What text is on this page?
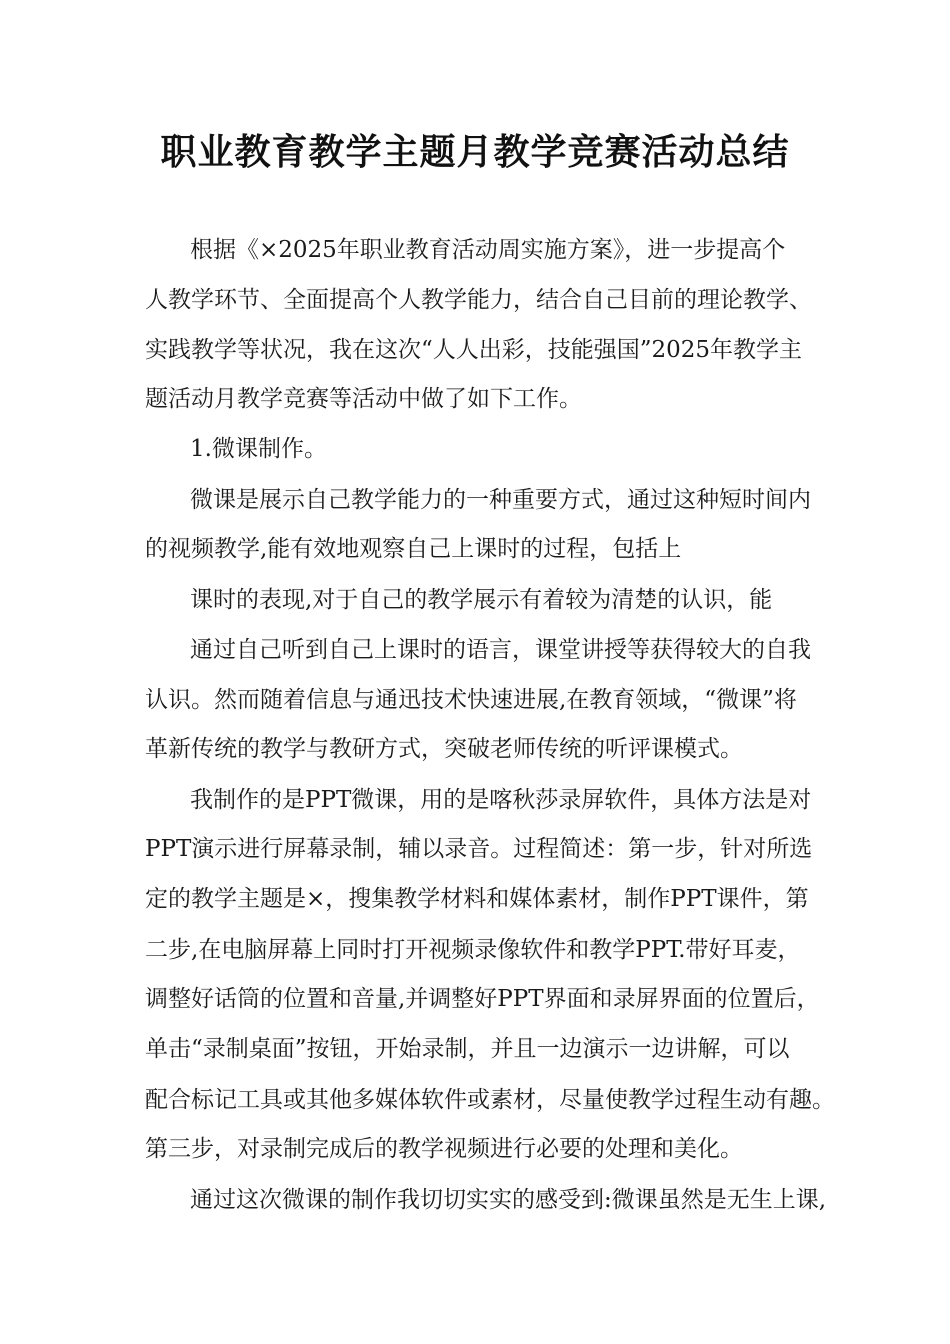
职业教育教学主题月教学竞赛活动总结
根据《×2025年职业教育活动周实施方案》，进一步提高个
人教学环节、全面提高个人教学能力，结合自己目前的理论教学、
实践教学等状况，我在这次“人人出彩，技能强国”2025年教学主
题活动月教学竞赛等活动中做了如下工作。
1.微课制作。
微课是展示自己教学能力的一种重要方式，通过这种短时间内
的视频教学,能有效地观察自己上课时的过程，包括上
课时的表现,对于自己的教学展示有着较为清楚的认识，能
通过自己听到自己上课时的语言，课堂讲授等获得较大的自我
认识。然而随着信息与通迅技术快速进展,在教育领域，“微课”将
革新传统的教学与教研方式，突破老师传统的听评课模式。
我制作的是PPT微课，用的是喀秋莎录屏软件，具体方法是对
PPT演示进行屏幕录制，辅以录音。过程简述：第一步，针对所选
定的教学主题是×，搜集教学材料和媒体素材，制作PPT课件，第
二步,在电脑屏幕上同时打开视频录像软件和教学PPT.带好耳麦，
调整好话筒的位置和音量,并调整好PPT界面和录屏界面的位置后，
单击“录制桌面”按钮，开始录制，并且一边演示一边讲解，可以
配合标记工具或其他多媒体软件或素材，尽量使教学过程生动有趣。
第三步，对录制完成后的教学视频进行必要的处理和美化。
通过这次微课的制作我切切实实的感受到:微课虽然是无生上课,
